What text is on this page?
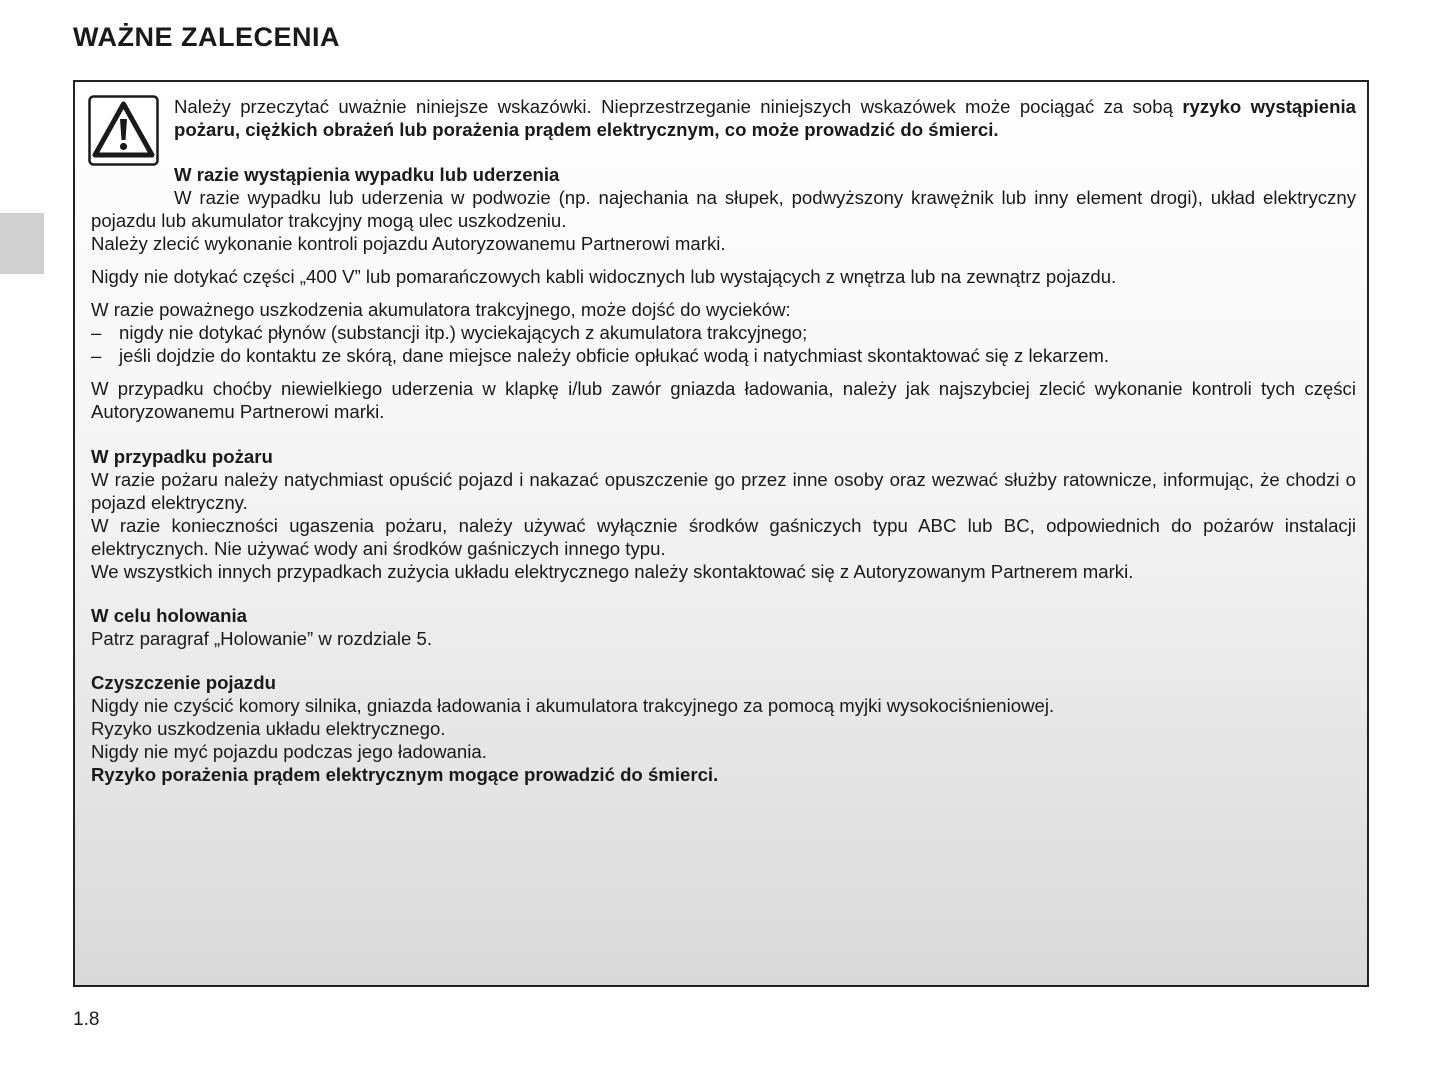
WAŻNE ZALECENIA

Należy przeczytać uważnie niniejsze wskazówki. Nieprzestrzeganie niniejszych wskazówek może pociągać za sobą ryzyko wystąpienia pożaru, ciężkich obrażeń lub porażenia prądem elektrycznym, co może prowadzić do śmierci.

W razie wystąpienia wypadku lub uderzenia

W razie wypadku lub uderzenia w podwozie (np. najechania na słupek, podwyższony krawężnik lub inny element drogi), układ elektryczny pojazdu lub akumulator trakcyjny mogą ulec uszkodzeniu.

Należy zlecić wykonanie kontroli pojazdu Autoryzowanemu Partnerowi marki.

Nigdy nie dotykać części „400 V” lub pomarańczowych kabli widocznych lub wystających z wnętrza lub na zewnątrz pojazdu.

W razie poważnego uszkodzenia akumulatora trakcyjnego, może dojść do wycieków:

– nigdy nie dotykać płynów (substancji itp.) wyciekających z akumulatora trakcyjnego;
– jeśli dojdzie do kontaktu ze skórą, dane miejsce należy obficie opłukać wodą i natychmiast skontaktować się z lekarzem.

W przypadku choćby niewielkiego uderzenia w klapkę i/lub zawór gniazda ładowania, należy jak najszybciej zlecić wykonanie kontroli tych części Autoryzowanemu Partnerowi marki.

W przypadku pożaru

W razie pożaru należy natychmiast opuścić pojazd i nakazać opuszczenie go przez inne osoby oraz wezwać służby ratownicze, informując, że chodzi o pojazd elektryczny.

W razie konieczności ugaszenia pożaru, należy używać wyłącznie środków gaśniczych typu ABC lub BC, odpowiednich do pożarów instalacji elektrycznych. Nie używać wody ani środków gaśniczych innego typu.

We wszystkich innych przypadkach zużycia układu elektrycznego należy skontaktować się z Autoryzowanym Partnerem marki.

W celu holowania

Patrz paragraf „Holowanie” w rozdziale 5.

Czyszczenie pojazdu

Nigdy nie czyścić komory silnika, gniazda ładowania i akumulatora trakcyjnego za pomocą myjki wysokociśnieniowej.

Ryzyko uszkodzenia układu elektrycznego.

Nigdy nie myć pojazdu podczas jego ładowania.

Ryzyko porażenia prądem elektrycznym mogące prowadzić do śmierci.

1.8
